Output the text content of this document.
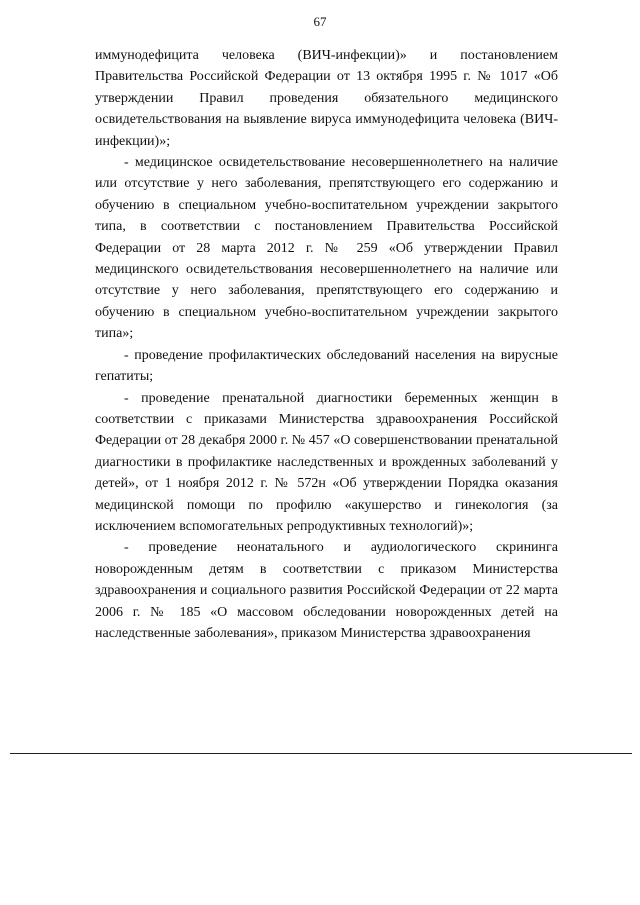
67

иммунодефицита человека (ВИЧ-инфекции)» и постановлением Правительства Российской Федерации от 13 октября 1995 г. № 1017 «Об утверждении Правил проведения обязательного медицинского освидетельствования на выявление вируса иммунодефицита человека (ВИЧ-инфекции)»;

- медицинское освидетельствование несовершеннолетнего на наличие или отсутствие у него заболевания, препятствующего его содержанию и обучению в специальном учебно-воспитательном учреждении закрытого типа, в соответствии с постановлением Правительства Российской Федерации от 28 марта 2012 г. № 259 «Об утверждении Правил медицинского освидетельствования несовершеннолетнего на наличие или отсутствие у него заболевания, препятствующего его содержанию и обучению в специальном учебно-воспитательном учреждении закрытого типа»;

- проведение профилактических обследований населения на вирусные гепатиты;

- проведение пренатальной диагностики беременных женщин в соответствии с приказами Министерства здравоохранения Российской Федерации от 28 декабря 2000 г. № 457 «О совершенствовании пренатальной диагностики в профилактике наследственных и врожденных заболеваний у детей», от 1 ноября 2012 г. № 572н «Об утверждении Порядка оказания медицинской помощи по профилю «акушерство и гинекология (за исключением вспомогательных репродуктивных технологий)»;

- проведение неонатального и аудиологического скрининга новорожденным детям в соответствии с приказом Министерства здравоохранения и социального развития Российской Федерации от 22 марта 2006 г. № 185 «О массовом обследовании новорожденных детей на наследственные заболевания», приказом Министерства здравоохранения
